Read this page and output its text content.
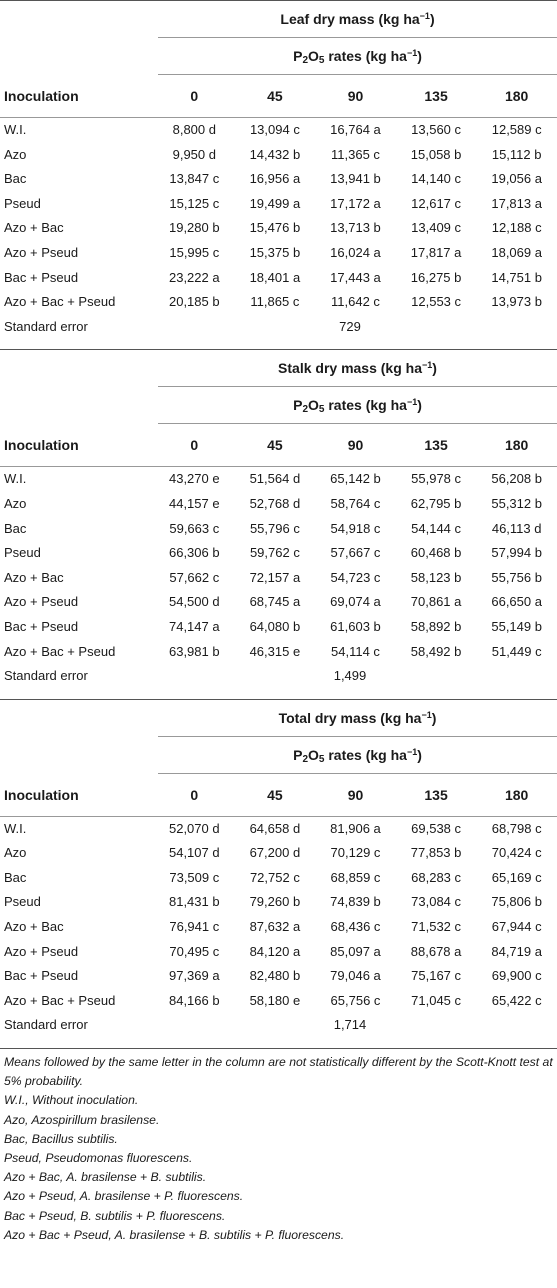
Leaf dry mass (kg $ha^{-1}$)
$P_2O_5$ rates (kg $ha^{-1}$)
Inoculation	0	45	90	135	180
W.I.	8,800 d	13,094 c	16,764 a	13,560 c	12,589 c
Azo	9,950 d	14,432 b	11,365 c	15,058 b	15,112 b
Bac	13,847 c	16,956 a	13,941 b	14,140 c	19,056 a
Pseud	15,125 c	19,499 a	17,172 a	12,617 c	17,813 a
Azo + Bac	19,280 b	15,476 b	13,713 b	13,409 c	12,188 c
Azo + Pseud	15,995 c	15,375 b	16,024 a	17,817 a	18,069 a
Bac + Pseud	23,222 a	18,401 a	17,443 a	16,275 b	14,751 b
Azo + Bac + Pseud	20,185 b	11,865 c	11,642 c	12,553 c	13,973 b
Standard error	729
Stalk dry mass (kg $ha^{-1}$)
$P_2O_5$ rates (kg $ha^{-1}$)
Inoculation	0	45	90	135	180
W.I.	43,270 e	51,564 d	65,142 b	55,978 c	56,208 b
Azo	44,157 e	52,768 d	58,764 c	62,795 b	55,312 b
Bac	59,663 c	55,796 c	54,918 c	54,144 c	46,113 d
Pseud	66,306 b	59,762 c	57,667 c	60,468 b	57,994 b
Azo + Bac	57,662 c	72,157 a	54,723 c	58,123 b	55,756 b
Azo + Pseud	54,500 d	68,745 a	69,074 a	70,861 a	66,650 a
Bac + Pseud	74,147 a	64,080 b	61,603 b	58,892 b	55,149 b
Azo + Bac + Pseud	63,981 b	46,315 e	54,114 c	58,492 b	51,449 c
Standard error	1,499
Total dry mass (kg $ha^{-1}$)
$P_2O_5$ rates (kg $ha^{-1}$)
Inoculation	0	45	90	135	180
W.I.	52,070 d	64,658 d	81,906 a	69,538 c	68,798 c
Azo	54,107 d	67,200 d	70,129 c	77,853 b	70,424 c
Bac	73,509 c	72,752 c	68,859 c	68,283 c	65,169 c
Pseud	81,431 b	79,260 b	74,839 b	73,084 c	75,806 b
Azo + Bac	76,941 c	87,632 a	68,436 c	71,532 c	67,944 c
Azo + Pseud	70,495 c	84,120 a	85,097 a	88,678 a	84,719 a
Bac + Pseud	97,369 a	82,480 b	79,046 a	75,167 c	69,900 c
Azo + Bac + Pseud	84,166 b	58,180 e	65,756 c	71,045 c	65,422 c
Standard error	1,714
Means followed by the same letter in the column are not statistically different by the Scott-Knott test at 5% probability.
W.I., Without inoculation.
Azo, Azospirillum brasilense.
Bac, Bacillus subtilis.
Pseud, Pseudomonas fluorescens.
Azo + Bac, A. brasilense + B. subtilis.
Azo + Pseud, A. brasilense + P. fluorescens.
Bac + Pseud, B. subtilis + P. fluorescens.
Azo + Bac + Pseud, A. brasilense + B. subtilis + P. fluorescens.
